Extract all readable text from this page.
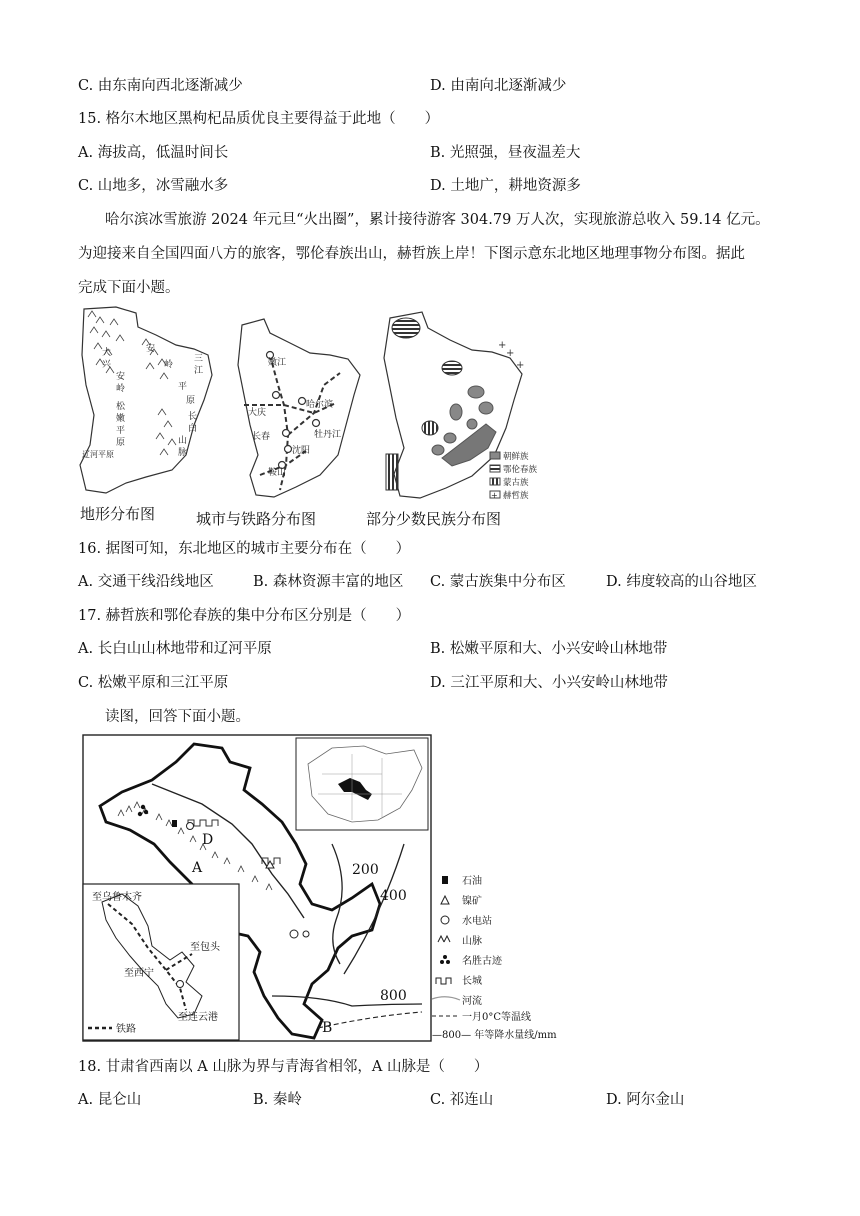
C. 由东南向西北逐渐减少	D. 由南向北逐渐减少
15. 格尔木地区黑枸杞品质优良主要得益于此地（　　）
A. 海拔高，低温时间长	B. 光照强，昼夜温差大
C. 山地多，冰雪融水多	D. 土地广，耕地资源多
哈尔滨冰雪旅游 2024 年元旦“火出圈”，累计接待游客 304.79 万人次，实现旅游总收入 59.14 亿元。
为迎接来自全国四面八方的旅客，鄂伦春族出山，赫哲族上岸！下图示意东北地区地理事物分布图。据此
完成下面小题。
大
兴
安
岭
安
岭
三
江
平
原
松
嫩
平
原
长
白
山
脉
辽河平原
嫩江
大庆
哈尔滨
长春	牡丹江
沈阳
鞍山
+
+
+
朝鲜族
鄂伦春族
蒙古族
+ 赫哲族
地形分布图	城市与铁路分布图	部分少数民族分布图
16. 据图可知，东北地区的城市主要分布在（　　）
A. 交通干线沿线地区	B. 森林资源丰富的地区 C. 蒙古族集中分布区	D. 纬度较高的山谷地区
17. 赫哲族和鄂伦春族的集中分布区分别是（　　）
A. 长白山山林地带和辽河平原	B. 松嫩平原和大、小兴安岭山林地带
C. 松嫩平原和三江平原	D. 三江平原和大、小兴安岭山林地带
读图，回答下面小题。
A
B
D
200
400
800
至乌鲁木齐
至包头
至西宁
至连云港
铁路
石油
镍矿
水电站
山脉
名胜古迹
长城
河流
一月0°C等温线
—800— 年等降水量线/mm
18. 甘肃省西南以 A 山脉为界与青海省相邻，A 山脉是（　　）
A. 昆仑山	B. 秦岭	C. 祁连山	D. 阿尔金山
